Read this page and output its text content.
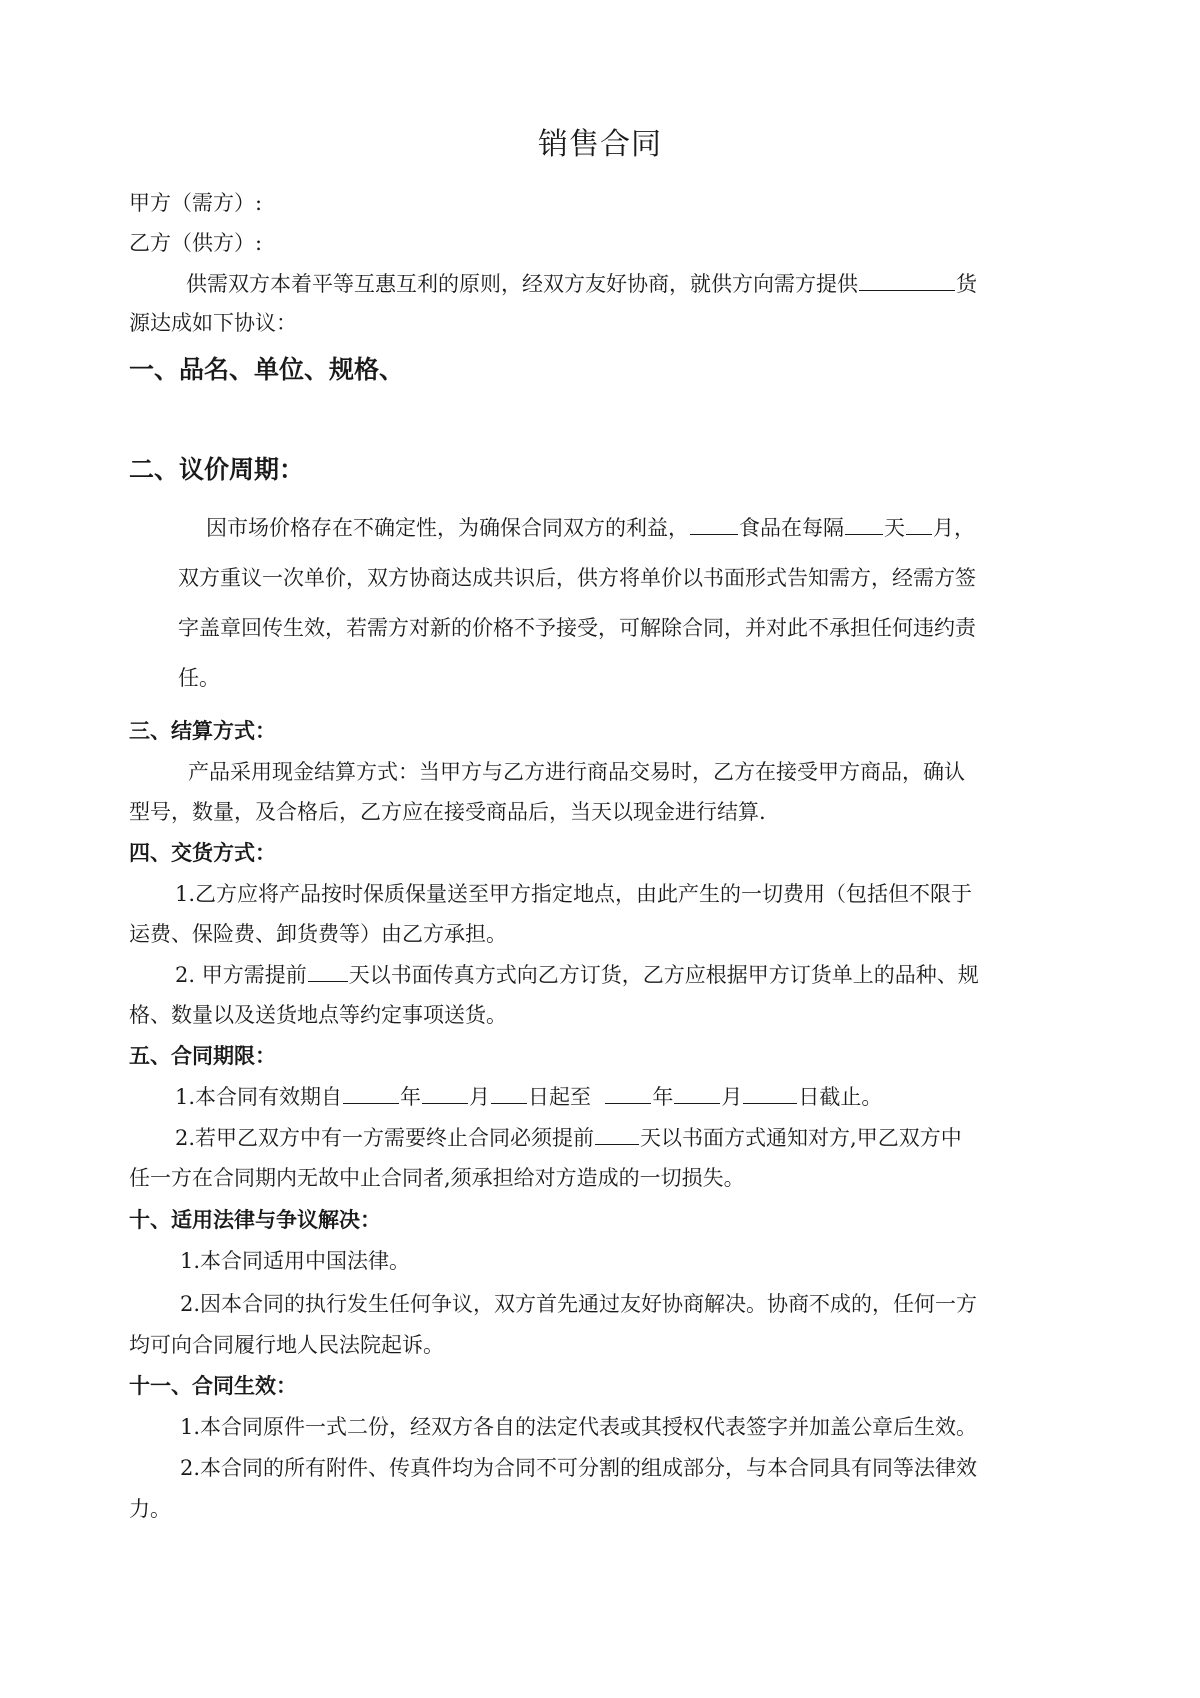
销售合同
甲方（需方）:
乙方（供方）:
供需双方本着平等互惠互利的原则，经双方友好协商，就供方向需方提供	货
源达成如下协议：
一、品名、单位、规格、
二、议价周期：
因市场价格存在不确定性，为确保合同双方的利益， 食品在每隔 天 月，
双方重议一次单价，双方协商达成共识后，供方将单价以书面形式告知需方，经需方签
字盖章回传生效，若需方对新的价格不予接受，可解除合同，并对此不承担任何违约责
任。
三、结算方式：
产品采用现金结算方式：当甲方与乙方进行商品交易时，乙方在接受甲方商品，确认
型号，数量，及合格后，乙方应在接受商品后，当天以现金进行结算.
四、交货方式：
1.乙方应将产品按时保质保量送至甲方指定地点，由此产生的一切费用（包括但不限于
运费、保险费、卸货费等）由乙方承担。
2. 甲方需提前 天以书面传真方式向乙方订货，乙方应根据甲方订货单上的品种、规
格、数量以及送货地点等约定事项送货。
五、合同期限：
1.本合同有效期自	年 月 日起至	年 月	日截止。
2.若甲乙双方中有一方需要终止合同必须提前 天以书面方式通知对方,甲乙双方中
任一方在合同期内无故中止合同者,须承担给对方造成的一切损失。
十、适用法律与争议解决：
1.本合同适用中国法律。
2.因本合同的执行发生任何争议，双方首先通过友好协商解决。协商不成的，任何一方
均可向合同履行地人民法院起诉。
十一、合同生效：
1.本合同原件一式二份，经双方各自的法定代表或其授权代表签字并加盖公章后生效。
2.本合同的所有附件、传真件均为合同不可分割的组成部分，与本合同具有同等法律效
力。
